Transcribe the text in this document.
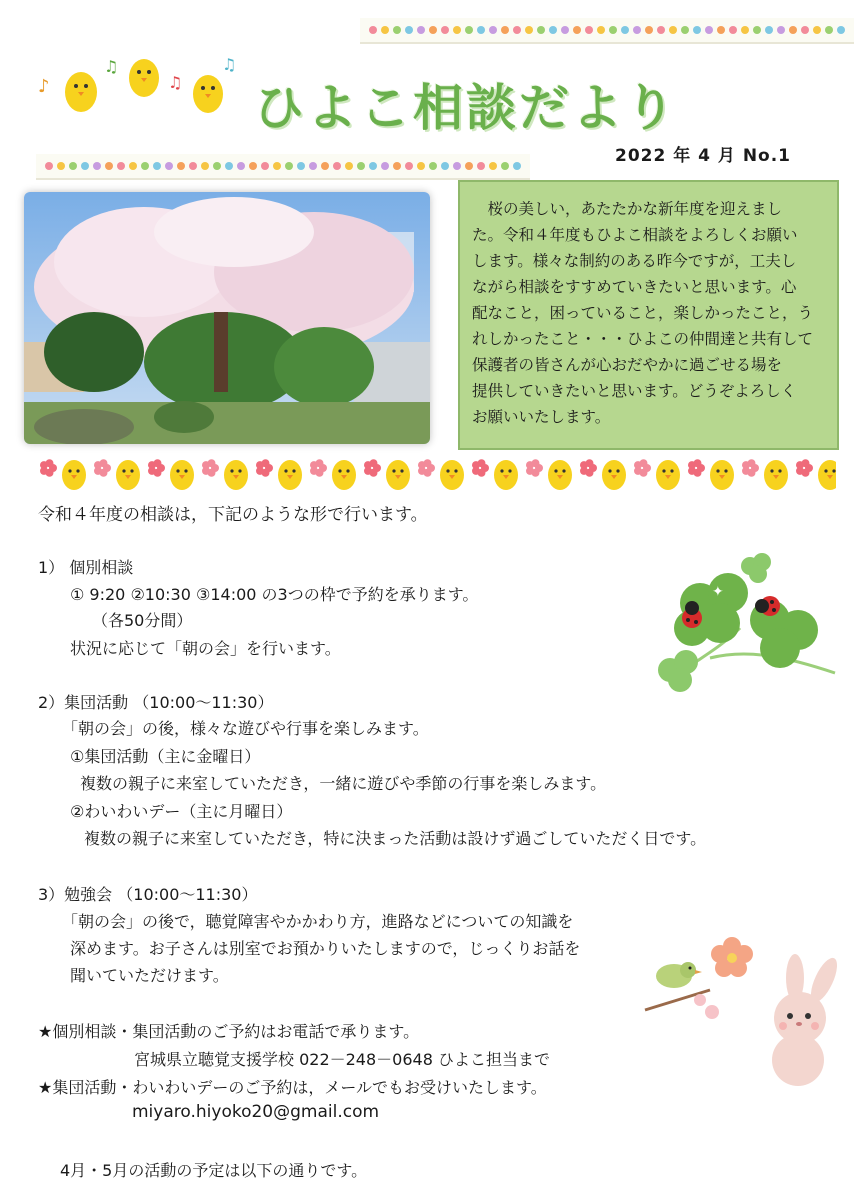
♪
♫
♫
♫
ひよこ相談だより
2022 年 4 月 No.1
桜の美しい，あたたかな新年度を迎えまし
た。令和４年度もひよこ相談をよろしくお願い
します。様々な制約のある昨今ですが，工夫し
ながら相談をすすめていきたいと思います。心
配なこと，困っていること，楽しかったこと，う
れしかったこと・・・ひよこの仲間達と共有して
保護者の皆さんが心おだやかに過ごせる場を
提供していきたいと思います。どうぞよろしく
お願いいたします。
令和４年度の相談は，下記のような形で行います。
1） 個別相談
① 9:20 ②10:30 ③14:00 の3つの枠で予約を承ります。
（各50分間）
状況に応じて「朝の会」を行います。
2）集団活動 （10:00～11:30）
「朝の会」の後，様々な遊びや行事を楽しみます。
①集団活動（主に金曜日）
複数の親子に来室していただき，一緒に遊びや季節の行事を楽しみます。
②わいわいデー（主に月曜日）
複数の親子に来室していただき，特に決まった活動は設けず過ごしていただく日です。
3）勉強会 （10:00～11:30）
「朝の会」の後で，聴覚障害やかかわり方，進路などについての知識を
深めます。お子さんは別室でお預かりいたしますので，じっくりお話を
聞いていただけます。
★個別相談・集団活動のご予約はお電話で承ります。
宮城県立聴覚支援学校 022－248－0648 ひよこ担当まで
★集団活動・わいわいデーのご予約は，メールでもお受けいたします。
miyaro.hiyoko20@gmail.com
4月・5月の活動の予定は以下の通りです。
✦
